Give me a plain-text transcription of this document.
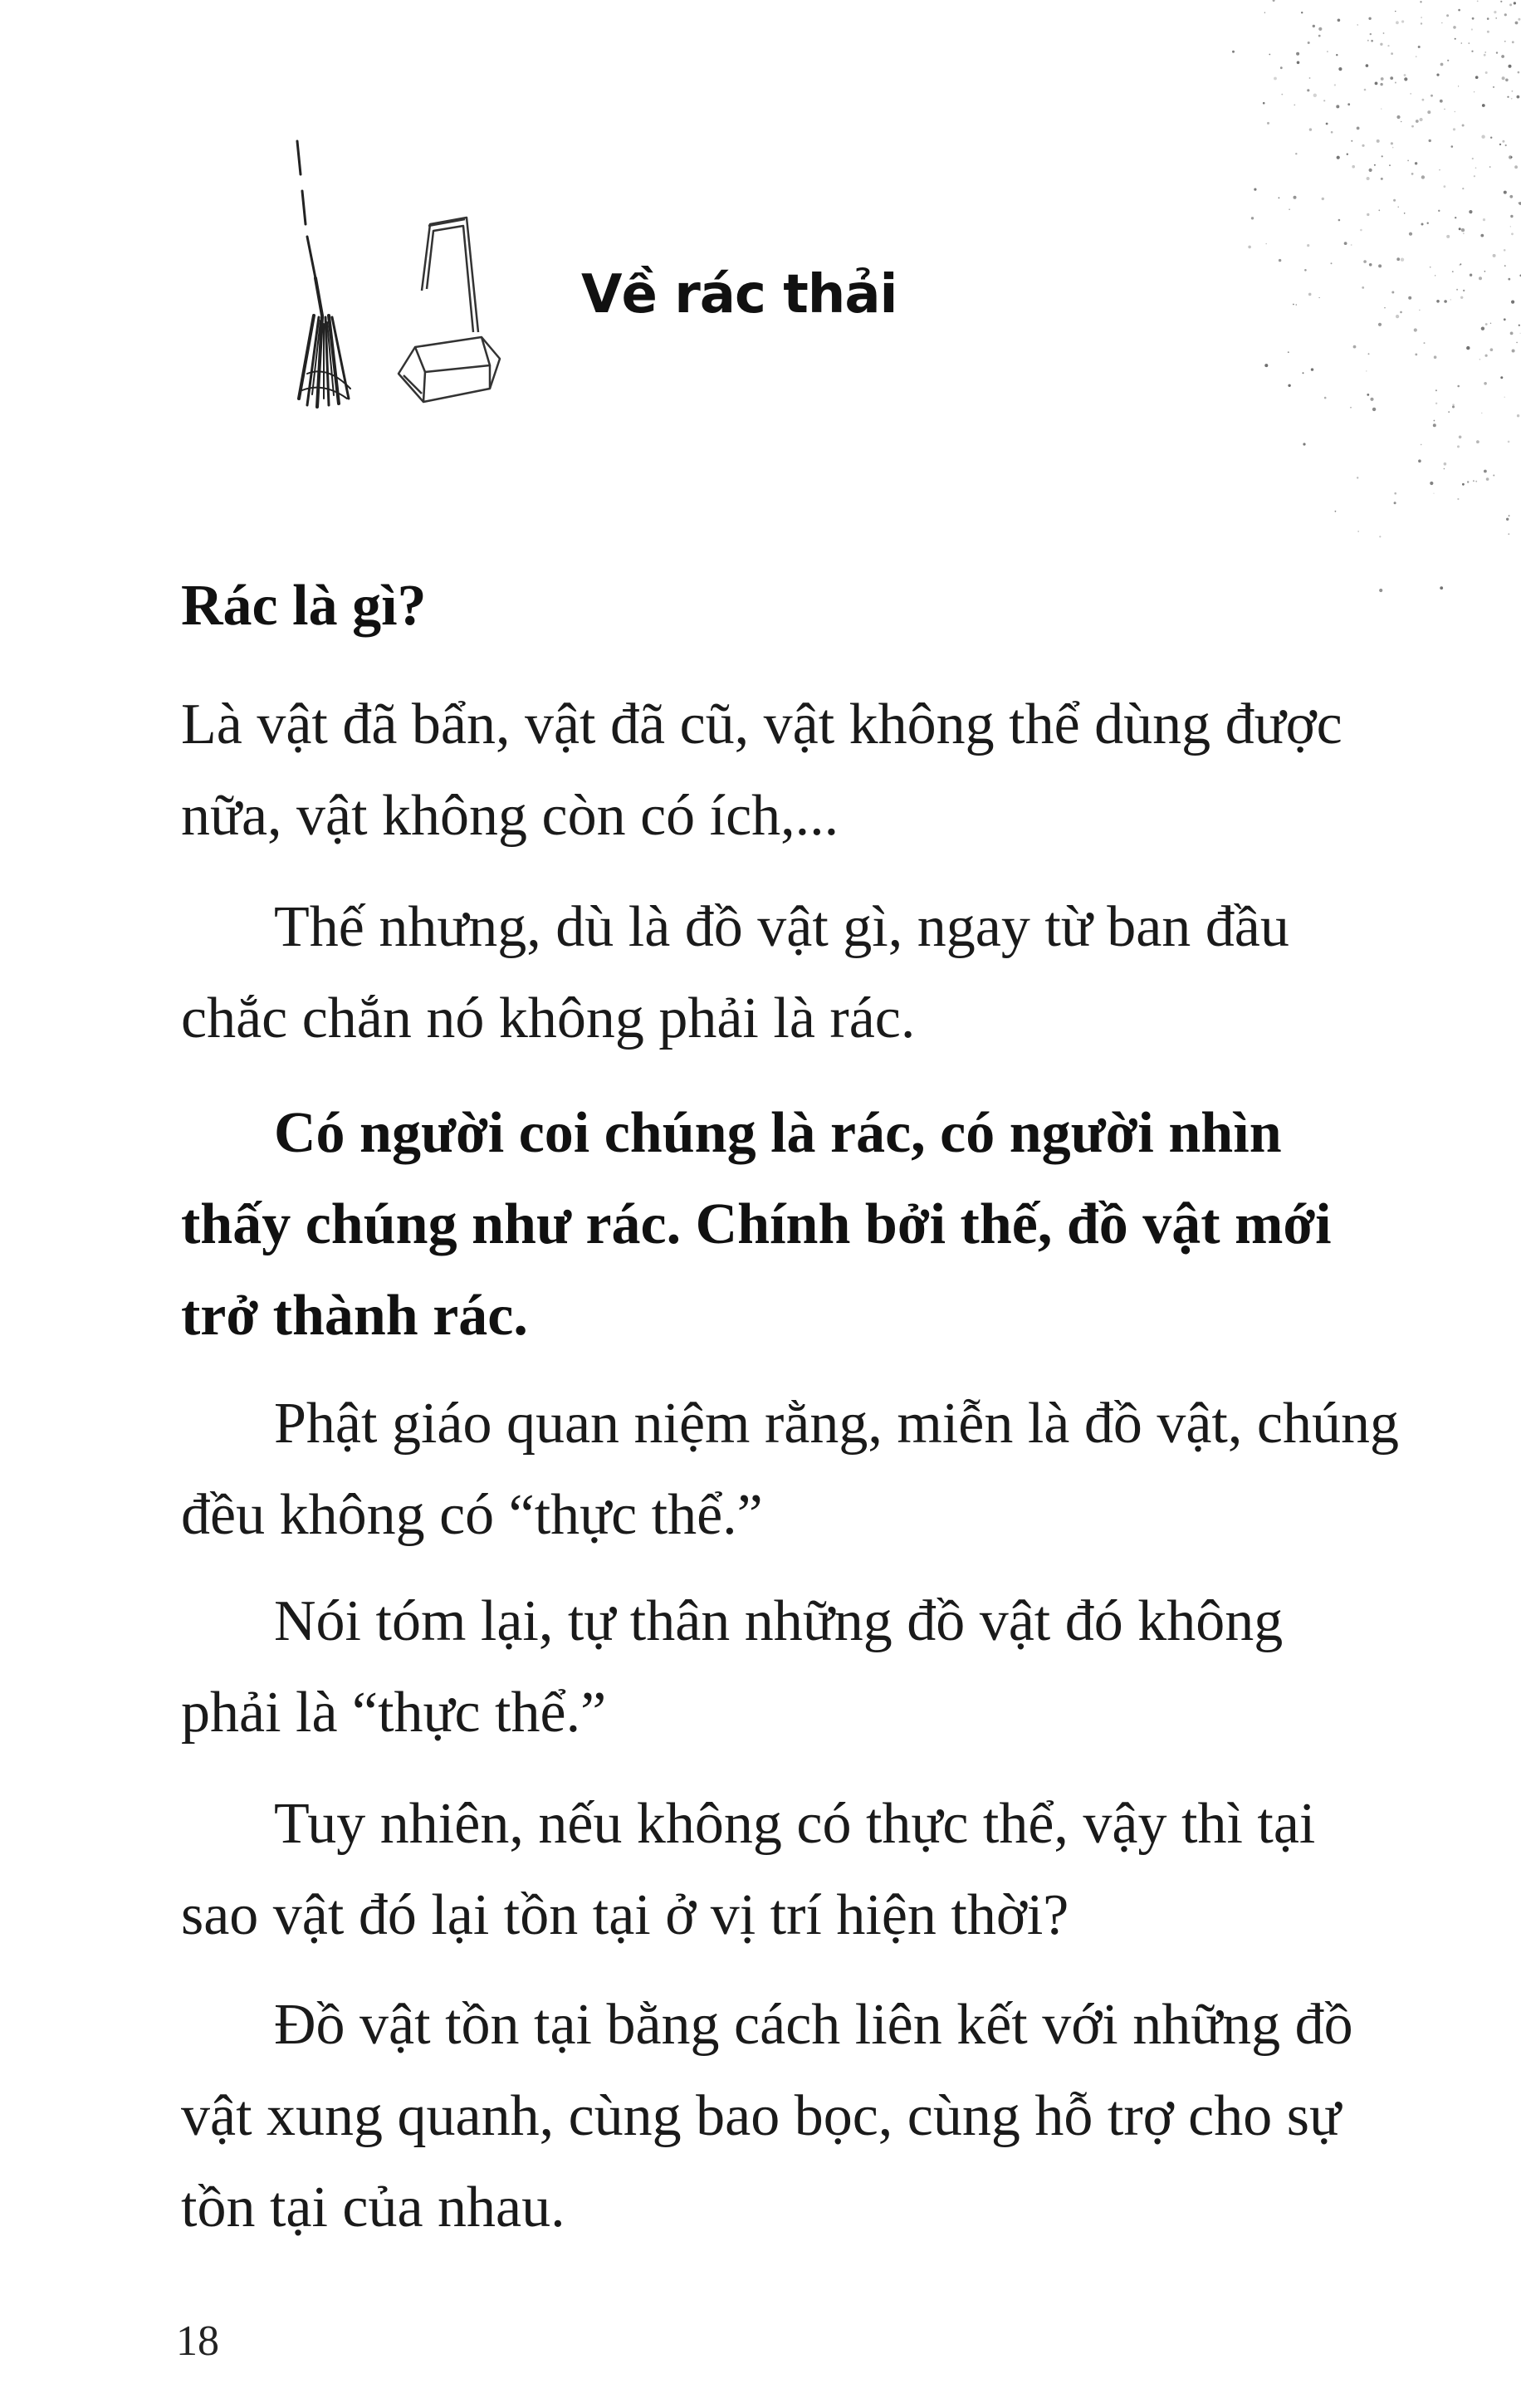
Về rác thải
Rác là gì?
Là vật đã bẩn, vật đã cũ, vật không thể dùng được
nữa, vật không còn có ích,...
Thế nhưng, dù là đồ vật gì, ngay từ ban đầu
chắc chắn nó không phải là rác.
Có người coi chúng là rác, có người nhìn
thấy chúng như rác. Chính bởi thế, đồ vật mới
trở thành rác.
Phật giáo quan niệm rằng, miễn là đồ vật, chúng
đều không có “thực thể.”
Nói tóm lại, tự thân những đồ vật đó không
phải là “thực thể.”
Tuy nhiên, nếu không có thực thể, vậy thì tại
sao vật đó lại tồn tại ở vị trí hiện thời?
Đồ vật tồn tại bằng cách liên kết với những đồ
vật xung quanh, cùng bao bọc, cùng hỗ trợ cho sự
tồn tại của nhau.
18
